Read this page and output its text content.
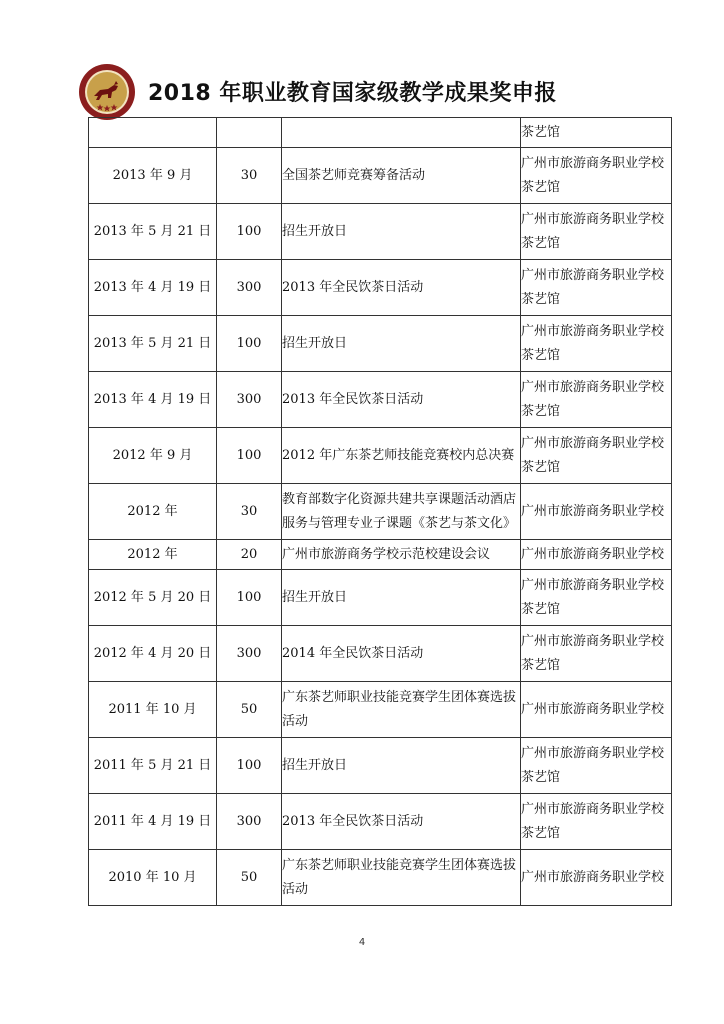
2018 年职业教育国家级教学成果奖申报
			茶艺馆
2013 年 9 月	30	全国茶艺师竞赛筹备活动	广州市旅游商务职业学校茶艺馆
2013 年 5 月 21 日	100	招生开放日	广州市旅游商务职业学校茶艺馆
2013 年 4 月 19 日	300	2013 年全民饮茶日活动	广州市旅游商务职业学校茶艺馆
2013 年 5 月 21 日	100	招生开放日	广州市旅游商务职业学校茶艺馆
2013 年 4 月 19 日	300	2013 年全民饮茶日活动	广州市旅游商务职业学校茶艺馆
2012 年 9 月	100	2012 年广东茶艺师技能竞赛校内总决赛	广州市旅游商务职业学校茶艺馆
2012 年	30	教育部数字化资源共建共享课题活动酒店服务与管理专业子课题《茶艺与茶文化》	广州市旅游商务职业学校
2012 年	20	广州市旅游商务学校示范校建设会议	广州市旅游商务职业学校
2012 年 5 月 20 日	100	招生开放日	广州市旅游商务职业学校茶艺馆
2012 年 4 月 20 日	300	2014 年全民饮茶日活动	广州市旅游商务职业学校茶艺馆
2011 年 10 月	50	广东茶艺师职业技能竞赛学生团体赛选拔活动	广州市旅游商务职业学校
2011 年 5 月 21 日	100	招生开放日	广州市旅游商务职业学校茶艺馆
2011 年 4 月 19 日	300	2013 年全民饮茶日活动	广州市旅游商务职业学校茶艺馆
2010 年 10 月	50	广东茶艺师职业技能竞赛学生团体赛选拔活动	广州市旅游商务职业学校
4
